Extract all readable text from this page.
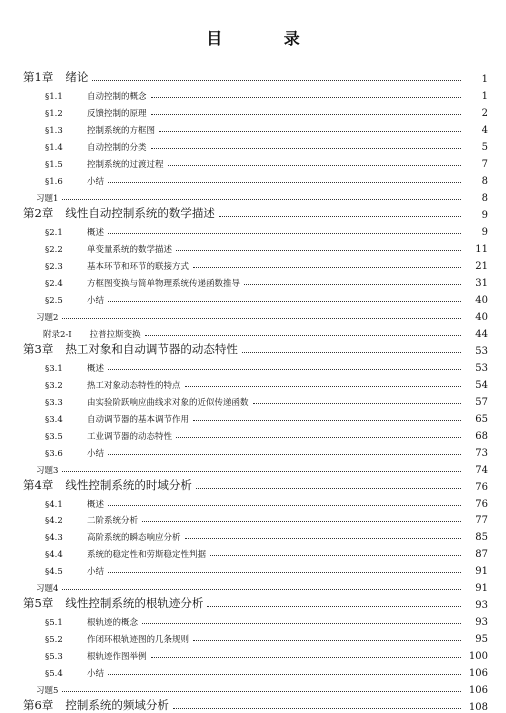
目 录
第1章 绪论	1
§1.1	自动控制的概念	1
§1.2	反馈控制的原理	2
§1.3	控制系统的方框图	4
§1.4	自动控制的分类	5
§1.5	控制系统的过渡过程	7
§1.6	小结	8
习题1	8
第2章 线性自动控制系统的数学描述	9
§2.1	概述	9
§2.2	单变量系统的数学描述	11
§2.3	基本环节和环节的联接方式	21
§2.4	方框图变换与简单物理系统传递函数推导	31
§2.5	小结	40
习题2	40
附录2-Ⅰ 拉普拉斯变换	44
第3章 热工对象和自动调节器的动态特性	53
§3.1	概述	53
§3.2	热工对象动态特性的特点	54
§3.3	由实验阶跃响应曲线求对象的近似传递函数	57
§3.4	自动调节器的基本调节作用	65
§3.5	工业调节器的动态特性	68
§3.6	小结	73
习题3	74
第4章 线性控制系统的时域分析	76
§4.1	概述	76
§4.2	二阶系统分析	77
§4.3	高阶系统的瞬态响应分析	85
§4.4	系统的稳定性和劳斯稳定性判据	87
§4.5	小结	91
习题4	91
第5章 线性控制系统的根轨迹分析	93
§5.1	根轨迹的概念	93
§5.2	作闭环根轨迹图的几条规则	95
§5.3	根轨迹作图举例	100
§5.4	小结	106
习题5	106
第6章 控制系统的频域分析	108
